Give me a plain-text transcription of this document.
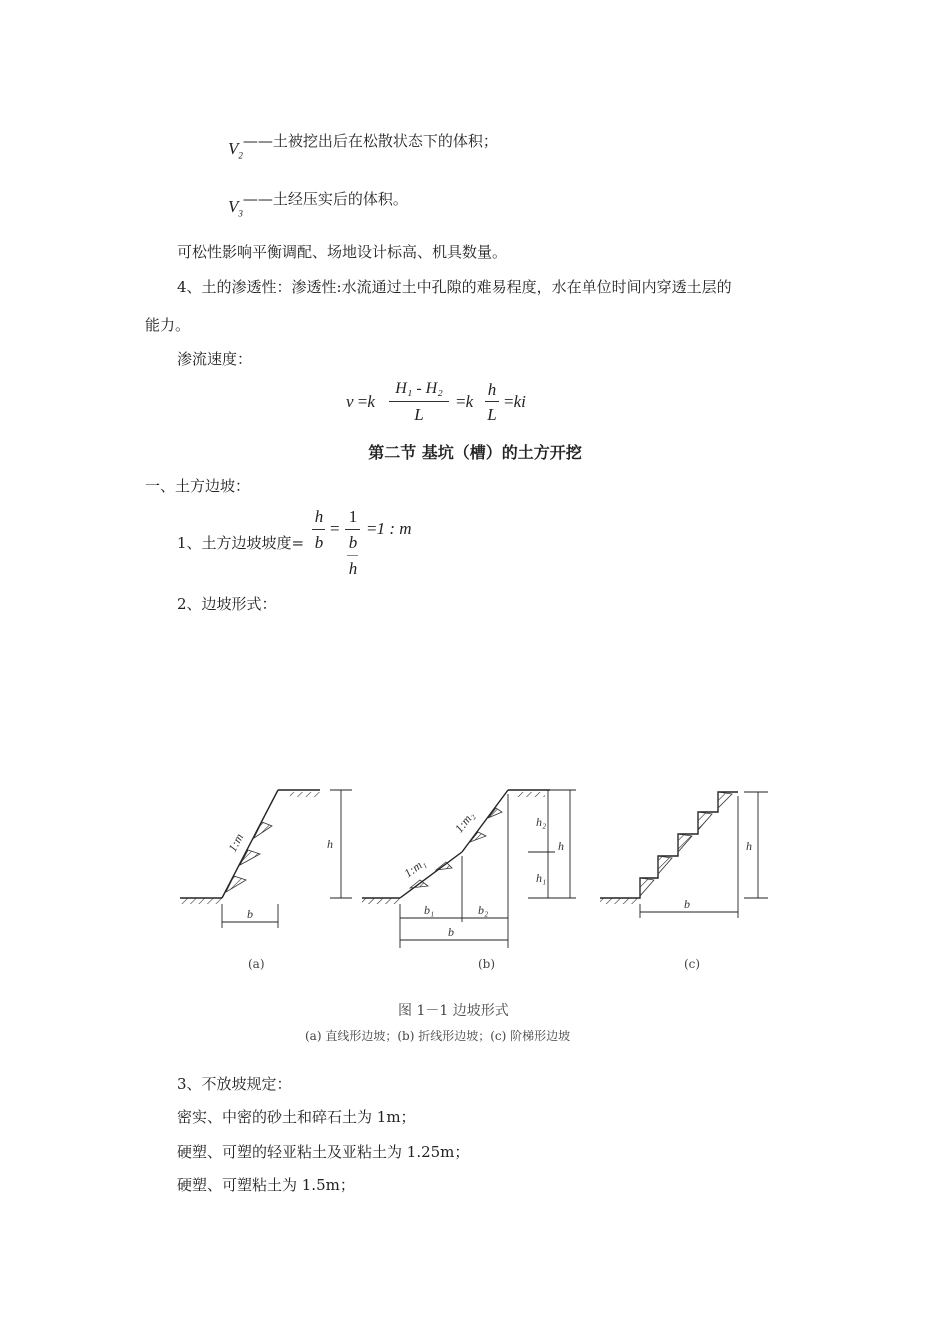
$V_2——$土被挖出后在松散状态下的体积；
$V_3——$土经压实后的体积。
可松性影响平衡调配、场地设计标高、机具数量。
4、土的渗透性：渗透性:水流通过土中孔隙的难易程度，水在单位时间内穿透土层的
能力。
渗流速度：
v =k
H₁ - H₂
L
=k
h
L
=ki
第二节 基坑（槽）的土方开挖
一、土方边坡：
1、土方边坡坡度=
h
b
=
1
b
h
=1 : m
2、边坡形式：
1:m	h
b
1:m₁
1:m₂	h₂
h₁
h
b₁	b₂
b
h
b
(a)	(b)	(c)
图 1－1 边坡形式
(a) 直线形边坡；(b) 折线形边坡；(c) 阶梯形边坡
3、不放坡规定：
密实、中密的砂土和碎石土为 1m；
硬塑、可塑的轻亚粘土及亚粘土为 1.25m；
硬塑、可塑粘土为 1.5m；
